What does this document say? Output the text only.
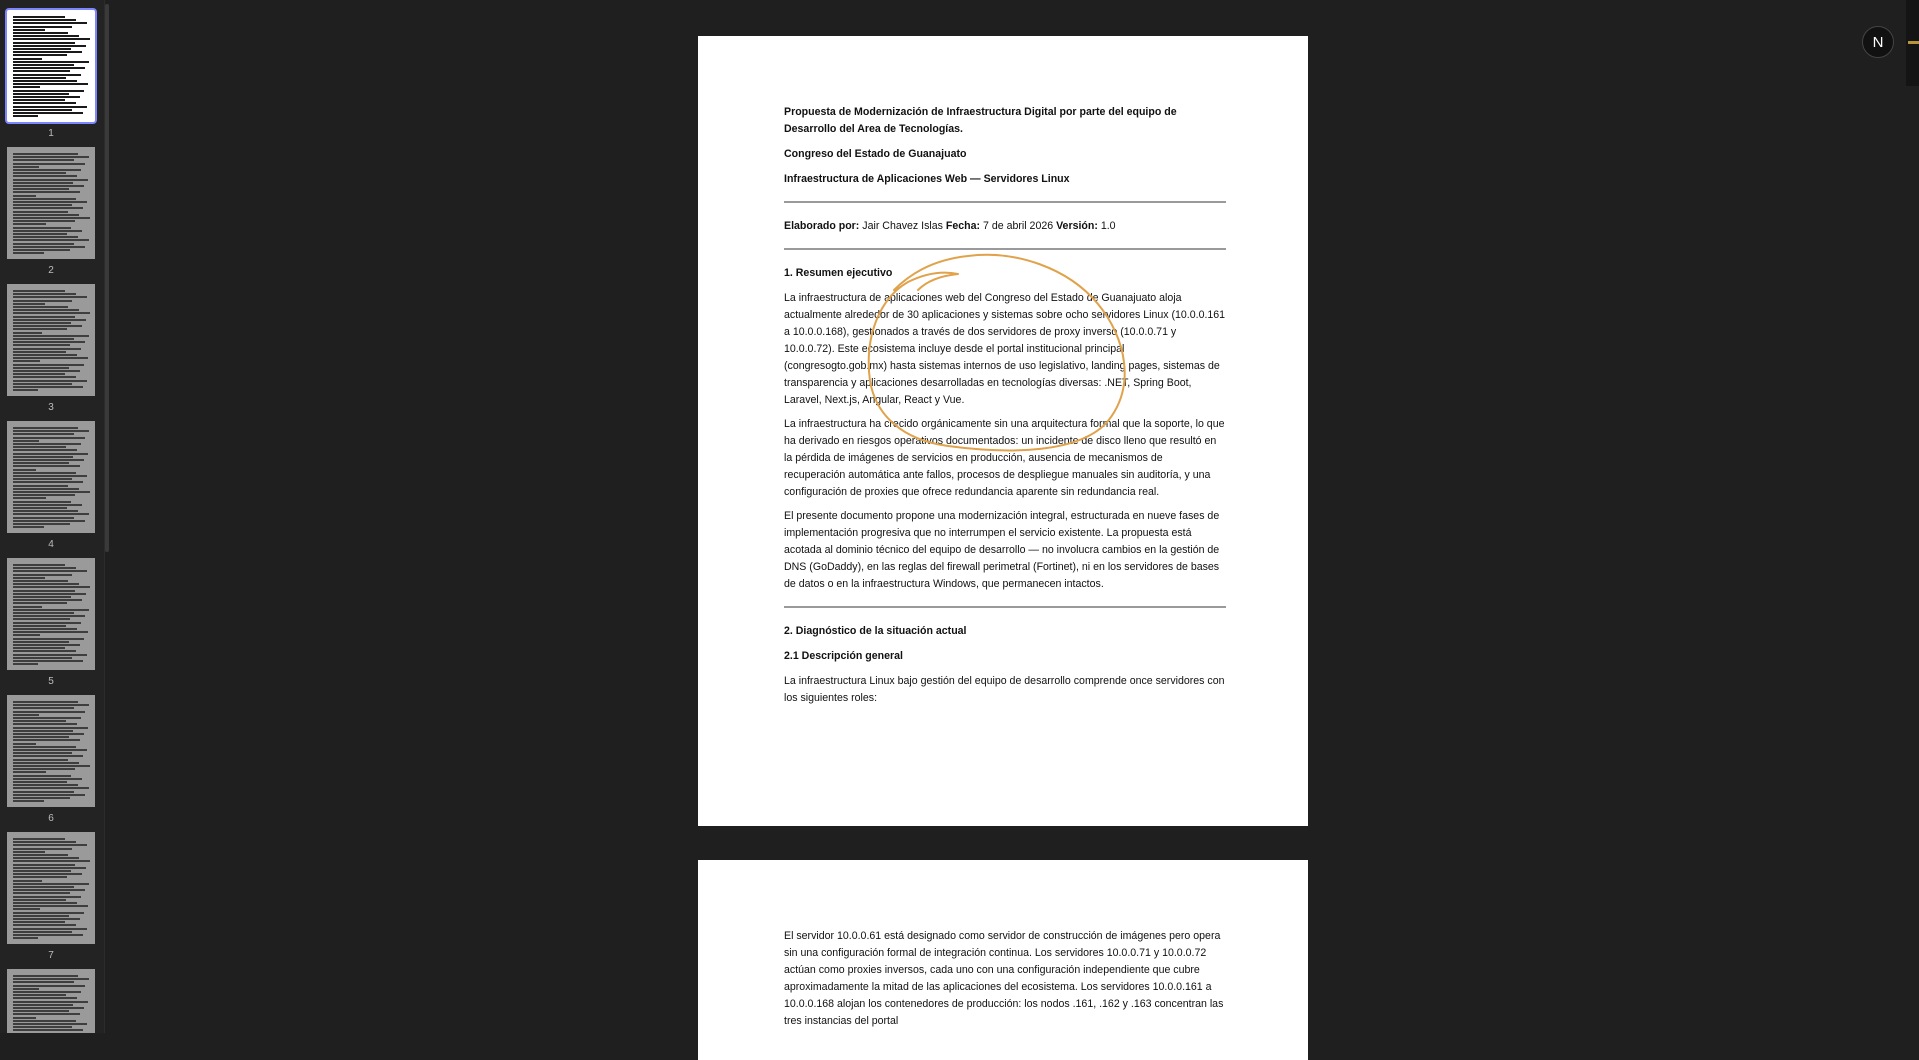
1
2
3
4
5
6
7

Propuesta de Modernización de Infraestructura Digital por parte del equipo de Desarrollo del Area de Tecnologías.

Congreso del Estado de Guanajuato

Infraestructura de Aplicaciones Web — Servidores Linux

Elaborado por: Jair Chavez Islas Fecha: 7 de abril 2026 Versión: 1.0

1. Resumen ejecutivo

La infraestructura de aplicaciones web del Congreso del Estado de Guanajuato aloja actualmente alrededor de 30 aplicaciones y sistemas sobre ocho servidores Linux (10.0.0.161 a 10.0.0.168), gestionados a través de dos servidores de proxy inverso (10.0.0.71 y 10.0.0.72). Este ecosistema incluye desde el portal institucional principal (congresogto.gob.mx) hasta sistemas internos de uso legislativo, landing pages, sistemas de transparencia y aplicaciones desarrolladas en tecnologías diversas: .NET, Spring Boot, Laravel, Next.js, Angular, React y Vue.

La infraestructura ha crecido orgánicamente sin una arquitectura formal que la soporte, lo que ha derivado en riesgos operativos documentados: un incidente de disco lleno que resultó en la pérdida de imágenes de servicios en producción, ausencia de mecanismos de recuperación automática ante fallos, procesos de despliegue manuales sin auditoría, y una configuración de proxies que ofrece redundancia aparente sin redundancia real.

El presente documento propone una modernización integral, estructurada en nueve fases de implementación progresiva que no interrumpen el servicio existente. La propuesta está acotada al dominio técnico del equipo de desarrollo — no involucra cambios en la gestión de DNS (GoDaddy), en las reglas del firewall perimetral (Fortinet), ni en los servidores de bases de datos o en la infraestructura Windows, que permanecen intactos.

2. Diagnóstico de la situación actual

2.1 Descripción general

La infraestructura Linux bajo gestión del equipo de desarrollo comprende once servidores con los siguientes roles:

El servidor 10.0.0.61 está designado como servidor de construcción de imágenes pero opera sin una configuración formal de integración continua. Los servidores 10.0.0.71 y 10.0.0.72 actúan como proxies inversos, cada uno con una configuración independiente que cubre aproximadamente la mitad de las aplicaciones del ecosistema. Los servidores 10.0.0.161 a 10.0.0.168 alojan los contenedores de producción: los nodos .161, .162 y .163 concentran las tres instancias del portal

N
